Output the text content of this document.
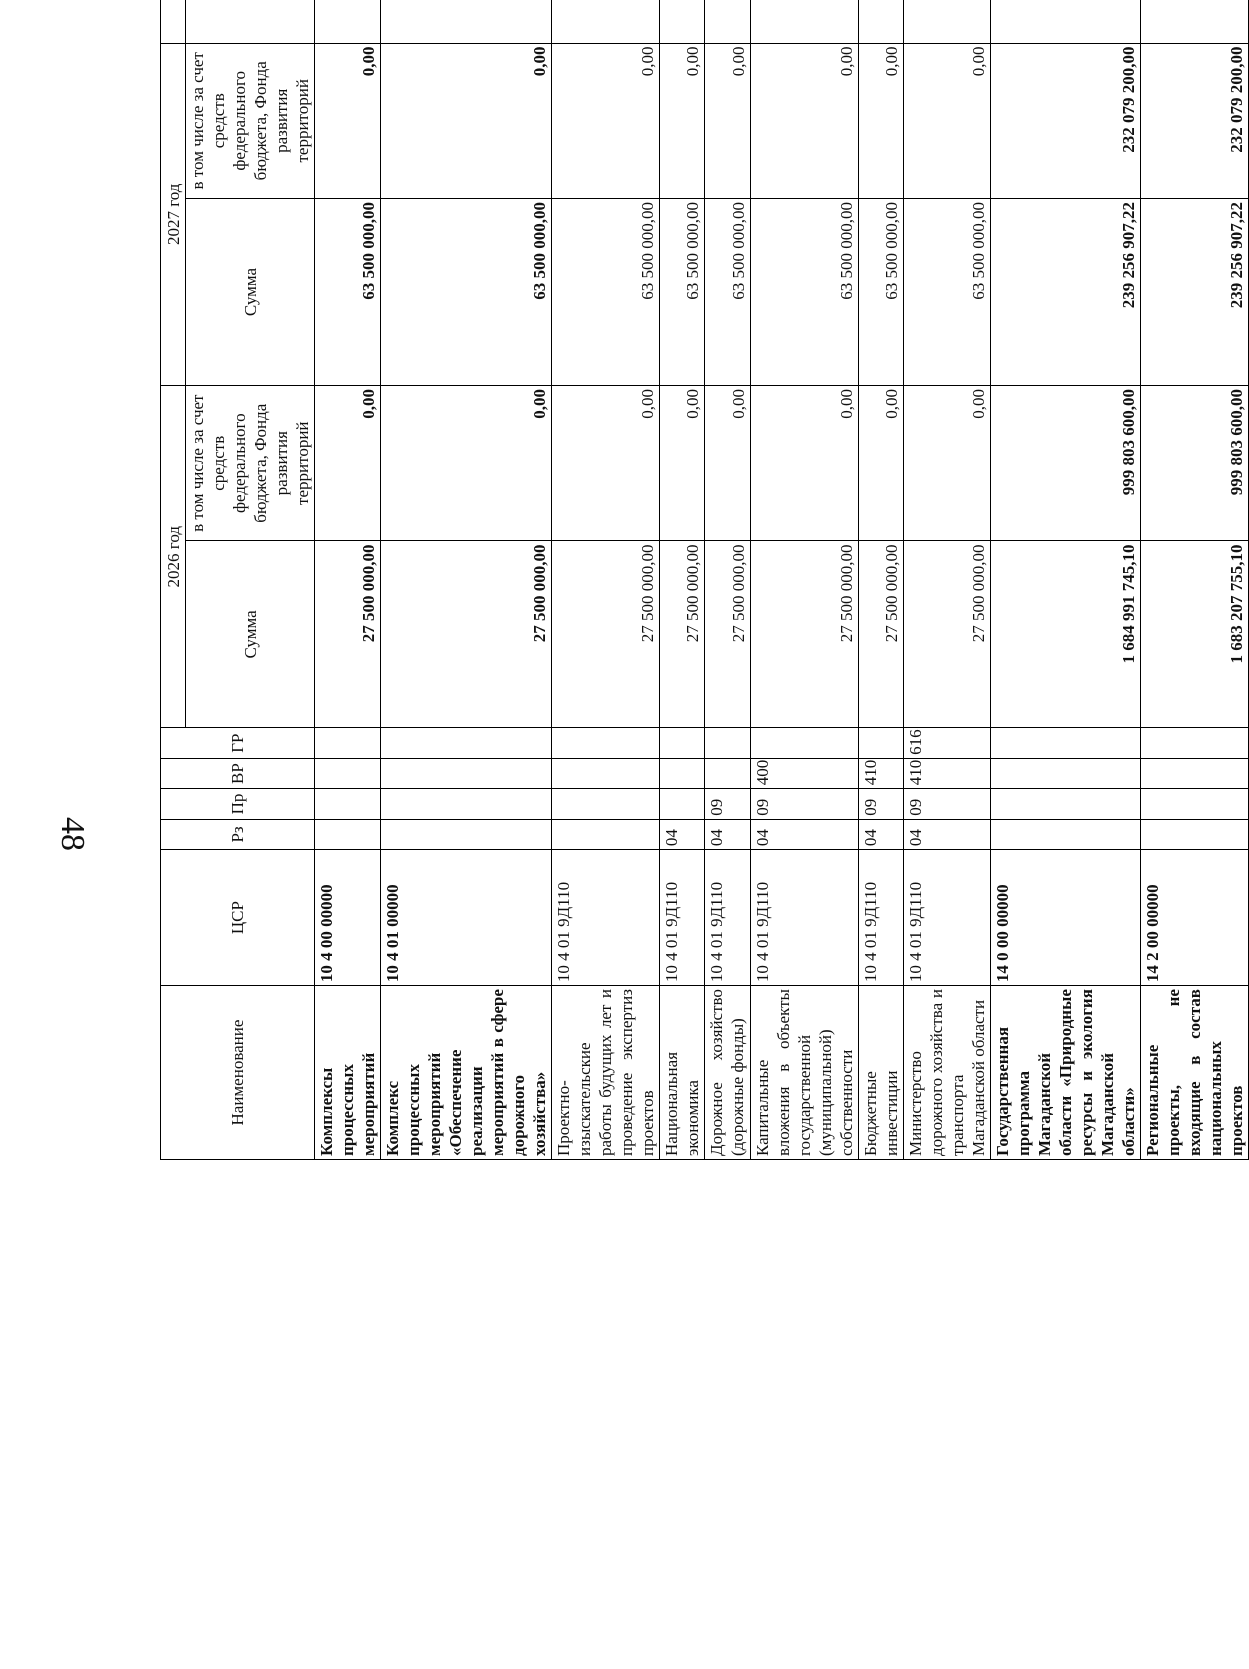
48
Наименование	ЦСР	Рз	Пр	ВР	ГР	2026 год		2027 год	
						Сумма	в том числе за счет средств федерального бюджета, Фонда развития территорий	Сумма	в том числе за счет средств федерального бюджета, Фонда развития территорий		

Комплексы процессных мероприятий	10 4 00 00000					27 500 000,00	0,00	63 500 000,00	0,00		
Комплекс процессных мероприятий «Обеспечение реализации мероприятий в сфере дорожного хозяйства»	10 4 01 00000					27 500 000,00	0,00	63 500 000,00	0,00		
Проектно-изыскательские работы будущих лет и проведение экспертиз проектов	10 4 01 9Д110					27 500 000,00	0,00	63 500 000,00	0,00		
Национальная экономика	10 4 01 9Д110	04				27 500 000,00	0,00	63 500 000,00	0,00		
Дорожное хозяйство (дорожные фонды)	10 4 01 9Д110	04	09			27 500 000,00	0,00	63 500 000,00	0,00		
Капитальные вложения в объекты государственной (муниципальной) собственности	10 4 01 9Д110	04	09	400		27 500 000,00	0,00	63 500 000,00	0,00		
Бюджетные инвестиции	10 4 01 9Д110	04	09	410		27 500 000,00	0,00	63 500 000,00	0,00		
Министерство дорожного хозяйства и транспорта Магаданской области	10 4 01 9Д110	04	09	410	616	27 500 000,00	0,00	63 500 000,00	0,00		
Государственная программа Магаданской области «Природные ресурсы и экология Магаданской области»	14 0 00 00000					1 684 991 745,10	999 803 600,00	239 256 907,22	232 079 200,00		
Региональные проекты, не входящие в состав национальных проектов	14 2 00 00000					1 683 207 755,10	999 803 600,00	239 256 907,22	232 079 200,00		
